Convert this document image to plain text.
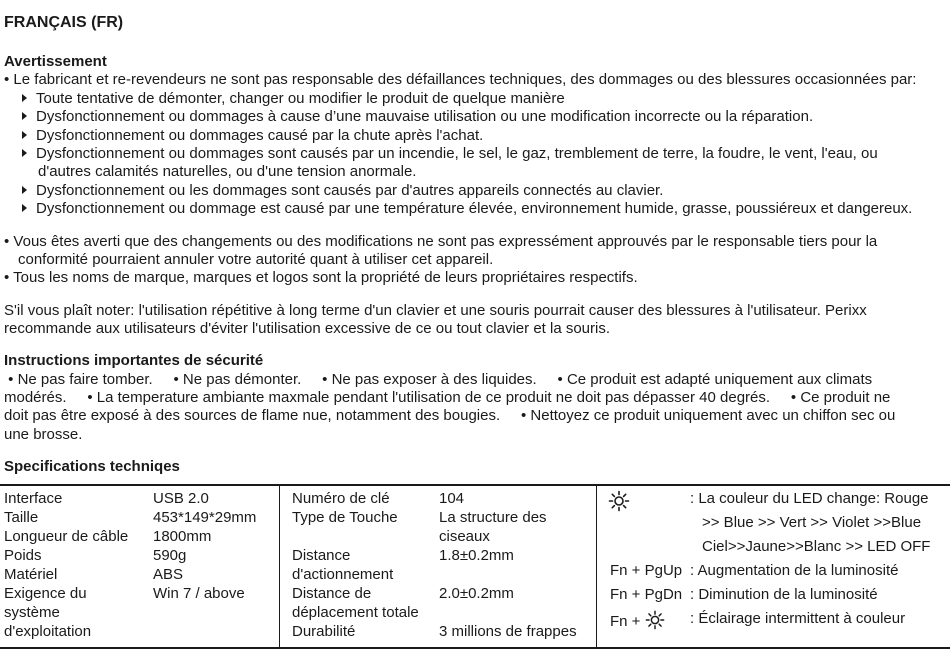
FRANÇAIS (FR)
Avertissement
• Le fabricant et re-revendeurs ne sont pas responsable des défaillances techniques, des dommages ou des blessures occasionnées par:
Toute tentative de démonter, changer ou modifier le produit de quelque manière
Dysfonctionnement ou dommages à cause d’une mauvaise utilisation ou une modification incorrecte ou la réparation.
Dysfonctionnement ou dommages causé par la chute après l'achat.
Dysfonctionnement ou dommages sont causés par un incendie, le sel, le gaz, tremblement de terre, la foudre, le vent, l'eau, ou
d'autres calamités naturelles, ou d'une tension anormale.
Dysfonctionnement ou les dommages sont causés par d'autres appareils connectés au clavier.
Dysfonctionnement ou dommage est causé par une température élevée, environnement humide, grasse, poussiéreux et dangereux.
• Vous êtes averti que des changements ou des modifications ne sont pas expressément approuvés par le responsable tiers pour la
conformité pourraient annuler votre autorité quant à utiliser cet appareil.
• Tous les noms de marque, marques et logos sont la propriété de leurs propriétaires respectifs.
S'il vous plaît noter: l'utilisation répétitive à long terme d'un clavier et une souris pourrait causer des blessures à l'utilisateur. Perixx
recommande aux utilisateurs d'éviter l'utilisation excessive de ce ou tout clavier et la souris.
Instructions importantes de sécurité
• Ne pas faire tomber.     • Ne pas démonter.     • Ne pas exposer à des liquides.     • Ce produit est adapté uniquement aux climats
modérés.     • La temperature ambiante maxmale pendant l'utilisation de ce produit ne doit pas dépasser 40 degrés.     • Ce produit ne
doit pas être exposé à des sources de flame nue, notamment des bougies.     • Nettoyez ce produit uniquement avec un chiffon sec ou
une brosse.
Specifications techniqes
Interface
Taille
Longueur de câble
Poids
Matériel
Exigence du
système
d'exploitation
USB 2.0
453*149*29mm
1800mm
590g
ABS
Win 7 / above
Numéro de clé
Type de Touche
Distance
d'actionnement
Distance de
déplacement totale
Durabilité
104
La structure des
ciseaux
1.8±0.2mm
2.0±0.2mm
3 millions de frappes
: La couleur du LED change: Rouge
>> Blue >> Vert >> Violet >>Blue
Ciel>>Jaune>>Blanc >> LED OFF
Fn + PgUp : Augmentation de la luminosité
Fn + PgDn : Diminution de la luminosité
Fn +	: Éclairage intermittent à couleur
